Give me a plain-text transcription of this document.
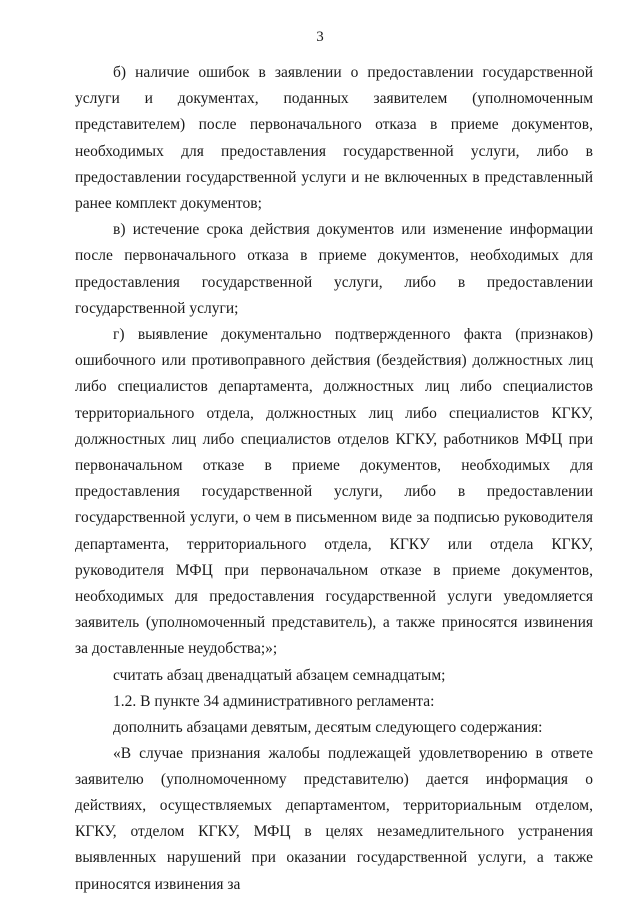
3

б) наличие ошибок в заявлении о предоставлении государственной услуги и документах, поданных заявителем (уполномоченным представителем) после первоначального отказа в приеме документов, необходимых для предоставления государственной услуги, либо в предоставлении государственной услуги и не включенных в представленный ранее комплект документов;

в) истечение срока действия документов или изменение информации после первоначального отказа в приеме документов, необходимых для предоставления государственной услуги, либо в предоставлении государственной услуги;

г) выявление документально подтвержденного факта (признаков) ошибочного или противоправного действия (бездействия) должностных лиц либо специалистов департамента, должностных лиц либо специалистов территориального отдела, должностных лиц либо специалистов КГКУ, должностных лиц либо специалистов отделов КГКУ, работников МФЦ при первоначальном отказе в приеме документов, необходимых для предоставления государственной услуги, либо в предоставлении государственной услуги, о чем в письменном виде за подписью руководителя департамента, территориального отдела, КГКУ или отдела КГКУ, руководителя МФЦ при первоначальном отказе в приеме документов, необходимых для предоставления государственной услуги уведомляется заявитель (уполномоченный представитель), а также приносятся извинения за доставленные неудобства;»;

считать абзац двенадцатый абзацем семнадцатым;

1.2. В пункте 34 административного регламента:

дополнить абзацами девятым, десятым следующего содержания:

«В случае признания жалобы подлежащей удовлетворению в ответе заявителю (уполномоченному представителю) дается информация о действиях, осуществляемых департаментом, территориальным отделом, КГКУ, отделом КГКУ, МФЦ в целях незамедлительного устранения выявленных нарушений при оказании государственной услуги, а также приносятся извинения за
